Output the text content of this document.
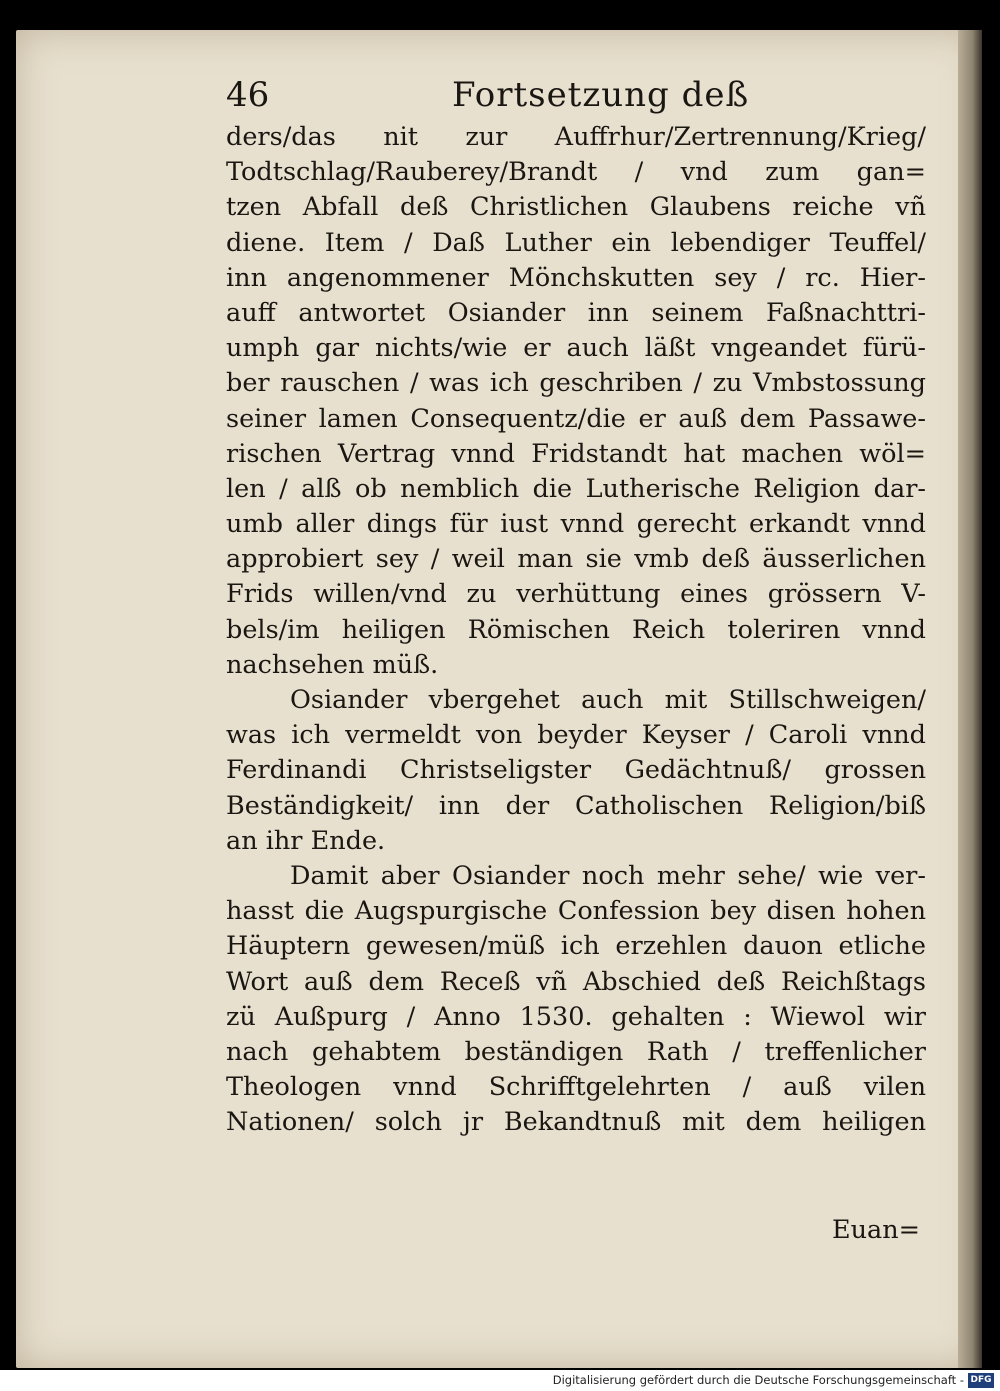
46	Fortsetzung deß
ders/das nit zur Auffrhur/Zertrennung/Krieg/
Todtschlag/Rauberey/Brandt / vnd zum gan=
tzen Abfall deß Christlichen Glaubens reiche vñ
diene. Item / Daß Luther ein lebendiger Teuffel/
inn angenommener Mönchskutten sey / rc. Hier-
auff antwortet Osiander inn seinem Faßnachttri-
umph gar nichts/wie er auch läßt vngeandet fürü-
ber rauschen / was ich geschriben / zu Vmbstossung
seiner lamen Consequentz/die er auß dem Passawe-
rischen Vertrag vnnd Fridstandt hat machen wöl=
len / alß ob nemblich die Lutherische Religion dar-
umb aller dings für iust vnnd gerecht erkandt vnnd
approbiert sey / weil man sie vmb deß äusserlichen
Frids willen/vnd zu verhüttung eines grössern V-
bels/im heiligen Römischen Reich toleriren vnnd
nachsehen müß.
Osiander vbergehet auch mit Stillschweigen/
was ich vermeldt von beyder Keyser / Caroli vnnd
Ferdinandi Christseligster Gedächtnuß/ grossen
Beständigkeit/ inn der Catholischen Religion/biß
an ihr Ende.
Damit aber Osiander noch mehr sehe/ wie ver-
hasst die Augspurgische Confession bey disen hohen
Häuptern gewesen/müß ich erzehlen dauon etliche
Wort auß dem Receß vñ Abschied deß Reichßtags
zü Außpurg / Anno 1530. gehalten : Wiewol wir
nach gehabtem beständigen Rath / treffenlicher
Theologen vnnd Schrifftgelehrten / auß vilen
Nationen/ solch jr Bekandtnuß mit dem heiligen
Euan=
Digitalisierung gefördert durch die Deutsche Forschungsgemeinschaft - DFG
